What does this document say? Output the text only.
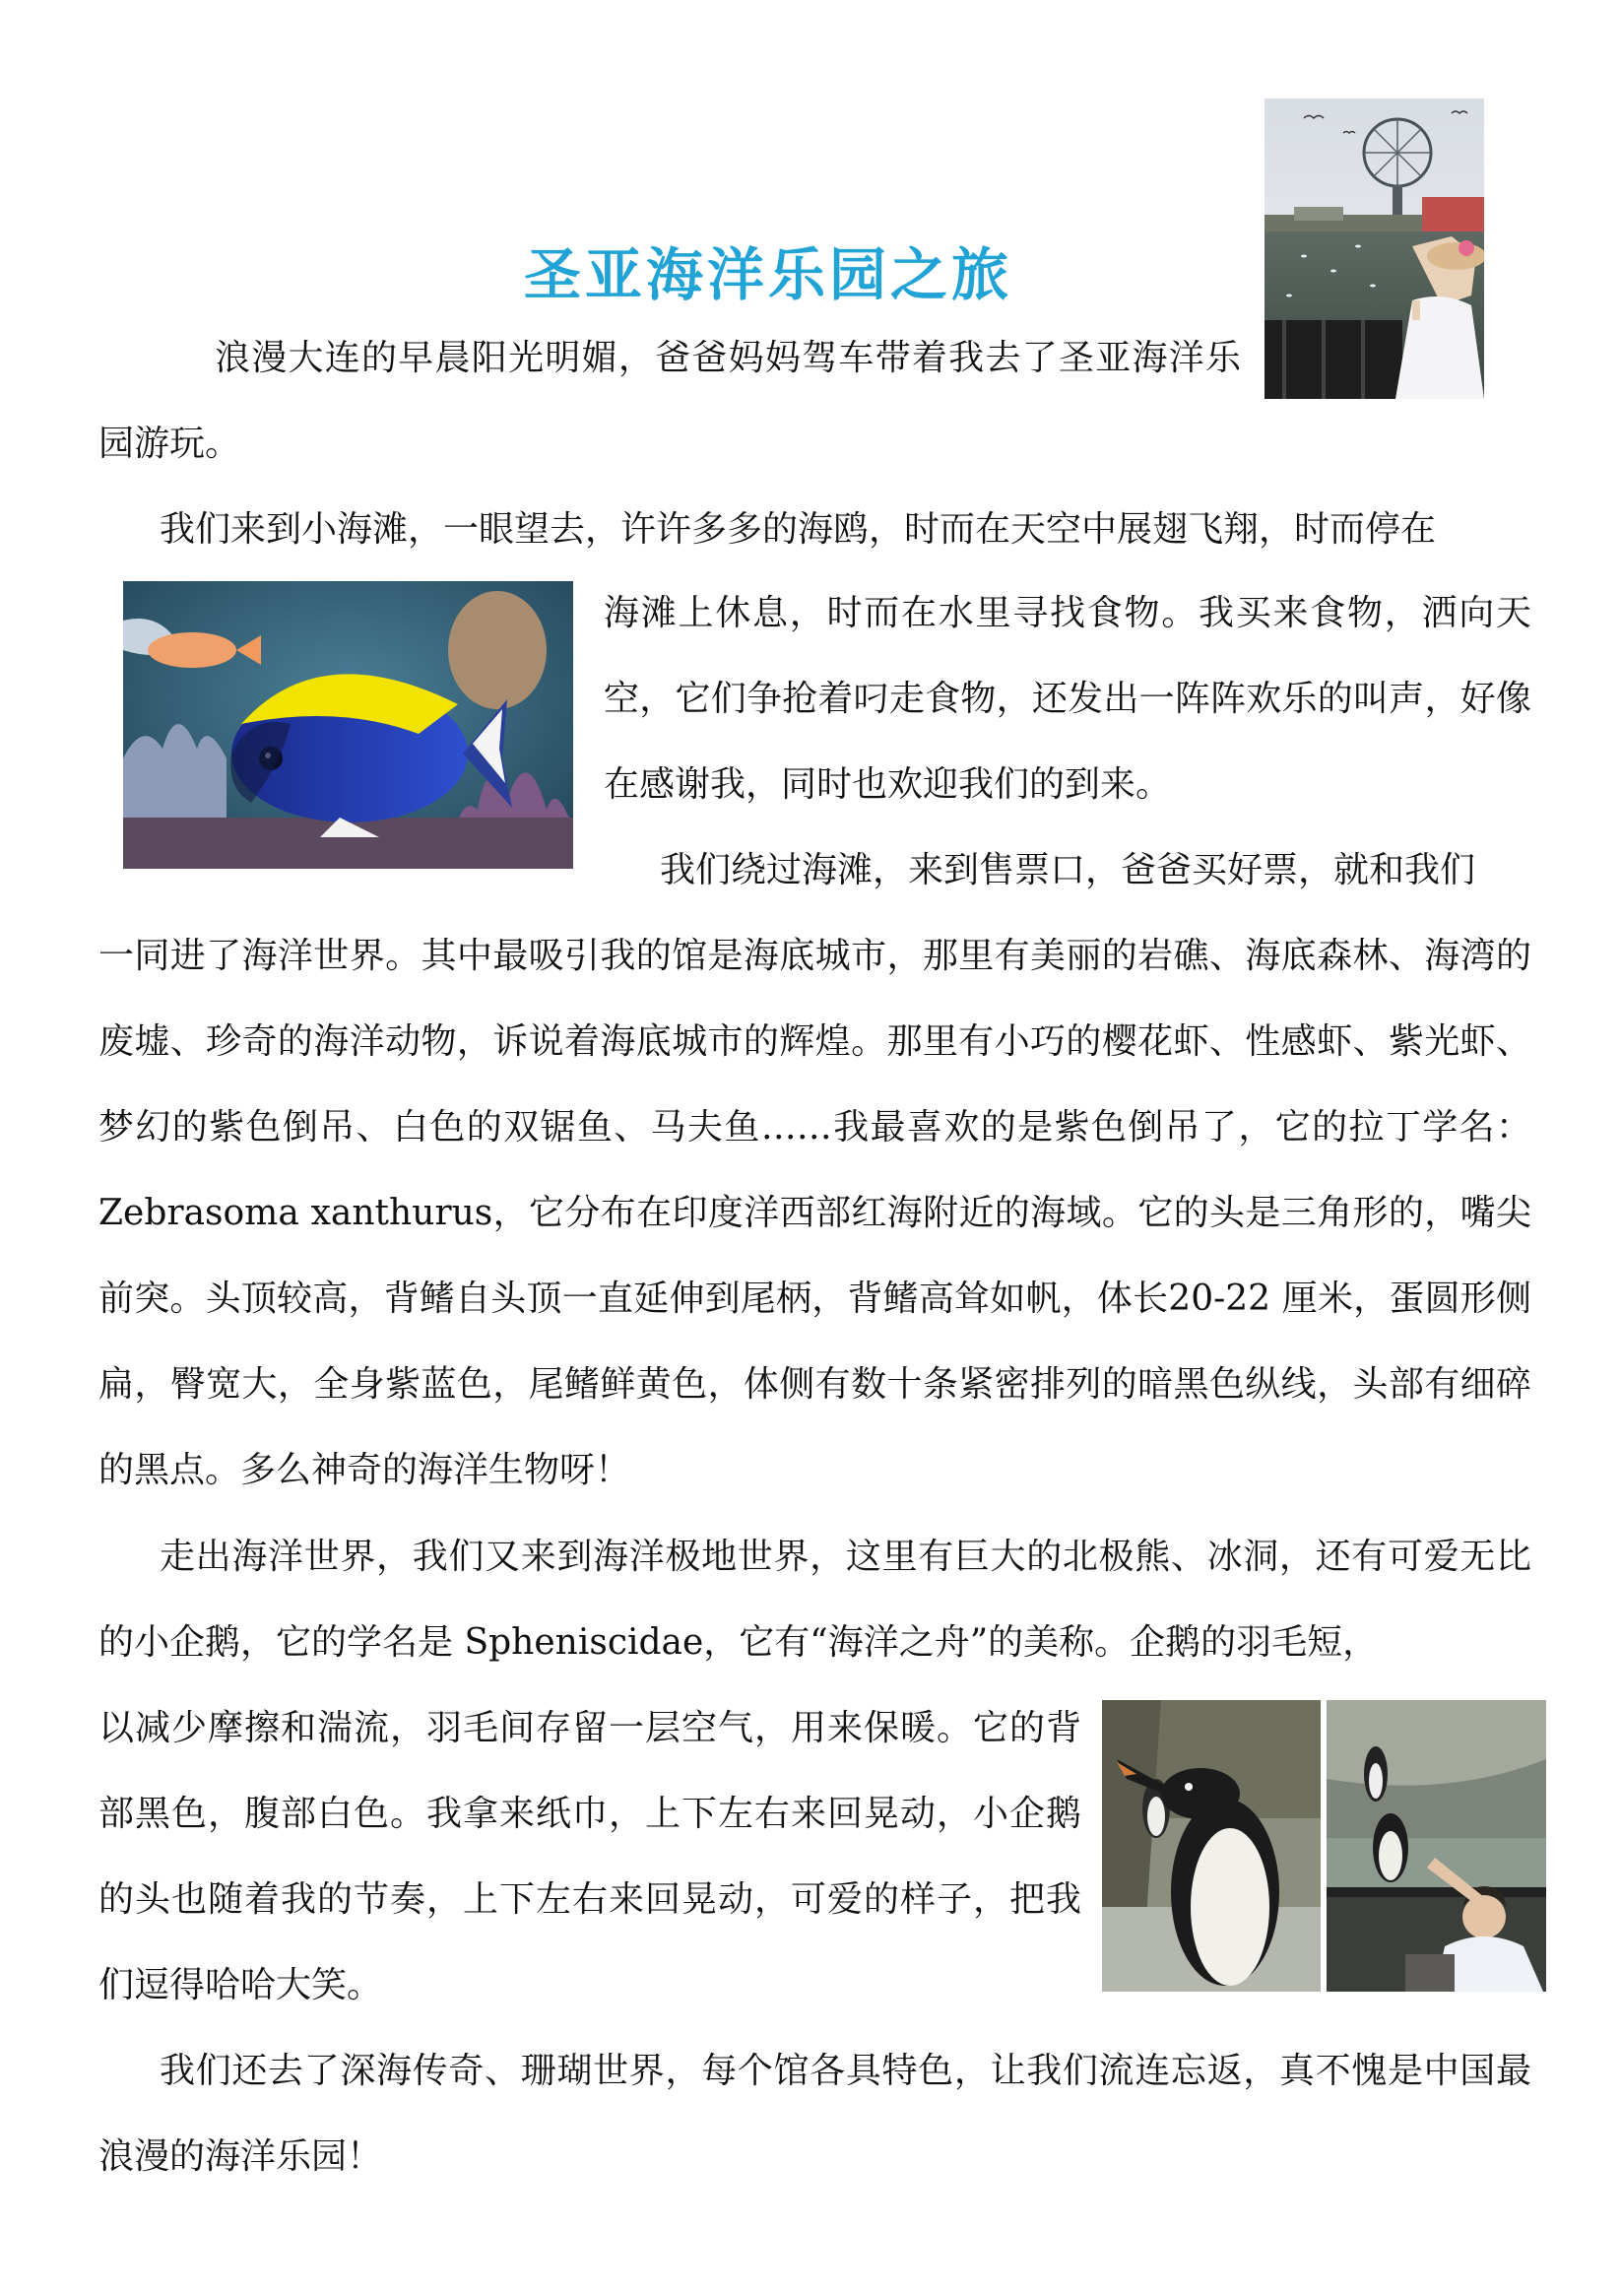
圣亚海洋乐园之旅

浪漫大连的早晨阳光明媚，爸爸妈妈驾车带着我去了圣亚海洋乐园游玩。

我们来到小海滩，一眼望去，许许多多的海鸥，时而在天空中展翅飞翔，时而停在

海滩上休息，时而在水里寻找食物。我买来食物，洒向天空，它们争抢着叼走食物，还发出一阵阵欢乐的叫声，好像在感谢我，同时也欢迎我们的到来。

我们绕过海滩，来到售票口，爸爸买好票，就和我们

一同进了海洋世界。其中最吸引我的馆是海底城市，那里有美丽的岩礁、海底森林、海湾的废墟、珍奇的海洋动物，诉说着海底城市的辉煌。那里有小巧的樱花虾、性感虾、紫光虾、梦幻的紫色倒吊、白色的双锯鱼、马夫鱼……我最喜欢的是紫色倒吊了，它的拉丁学名：Zebrasoma xanthurus，它分布在印度洋西部红海附近的海域。它的头是三角形的，嘴尖前突。头顶较高，背鳍自头顶一直延伸到尾柄，背鳍高耸如帆，体长20-22 厘米，蛋圆形侧扁，臀宽大，全身紫蓝色，尾鳍鲜黄色，体侧有数十条紧密排列的暗黑色纵线，头部有细碎的黑点。多么神奇的海洋生物呀！

走出海洋世界，我们又来到海洋极地世界，这里有巨大的北极熊、冰洞，还有可爱无比的小企鹅，它的学名是 Spheniscidae，它有“海洋之舟”的美称。企鹅的羽毛短，

以减少摩擦和湍流，羽毛间存留一层空气，用来保暖。它的背部黑色，腹部白色。我拿来纸巾，上下左右来回晃动，小企鹅的头也随着我的节奏，上下左右来回晃动，可爱的样子，把我们逗得哈哈大笑。

我们还去了深海传奇、珊瑚世界，每个馆各具特色，让我们流连忘返，真不愧是中国最浪漫的海洋乐园！
